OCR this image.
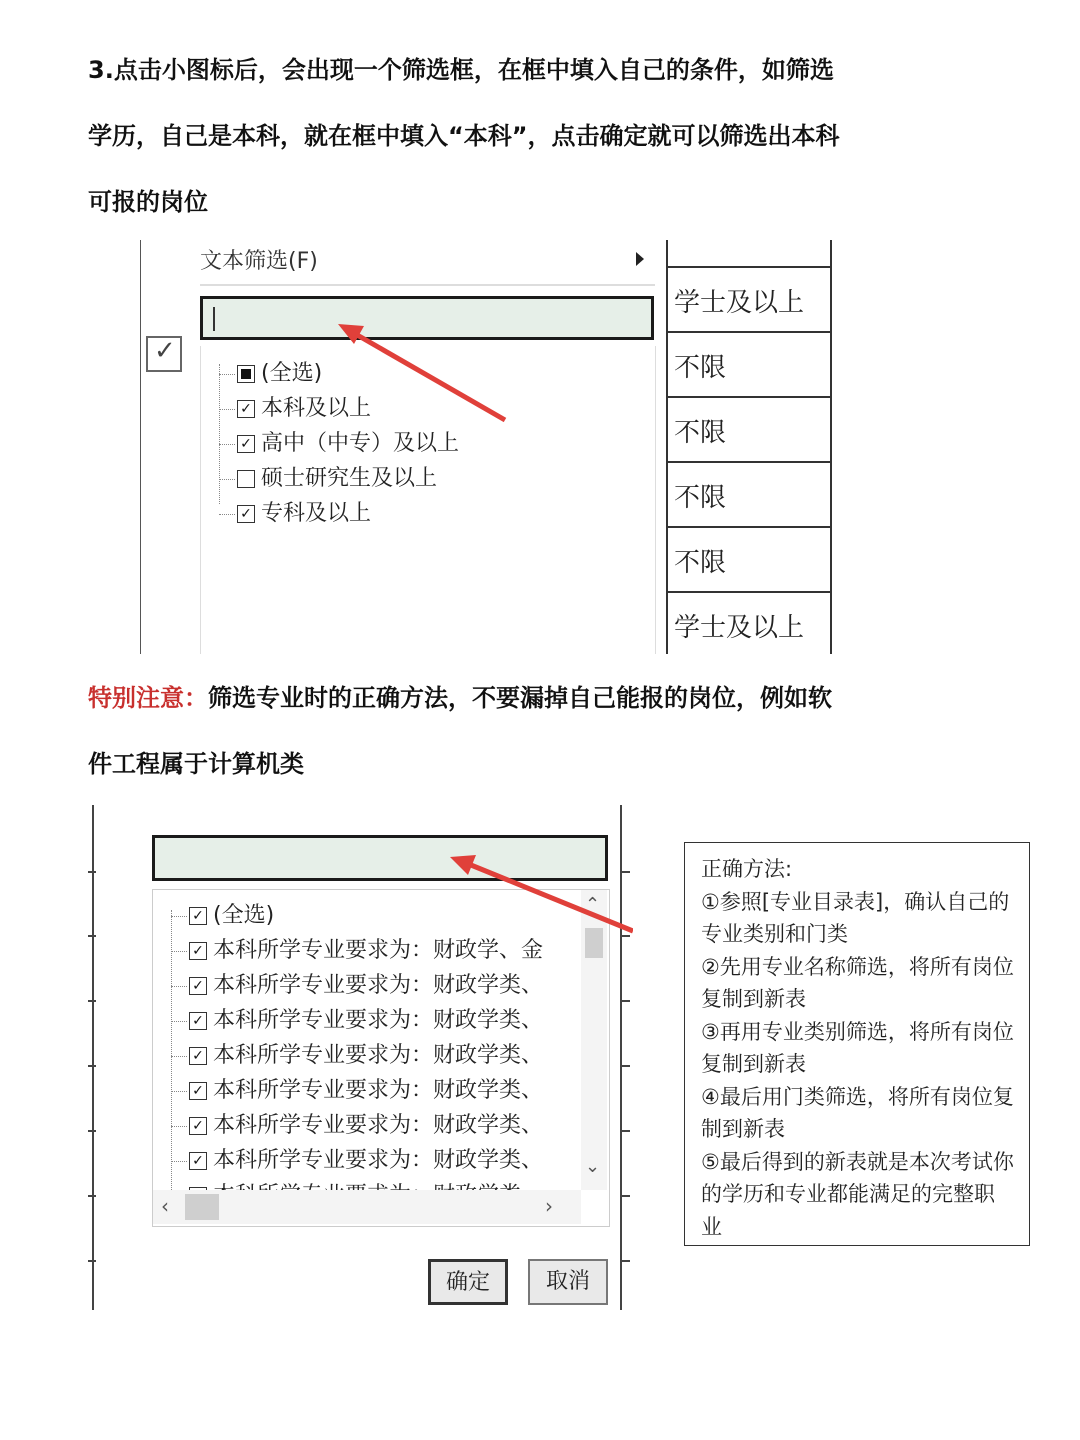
3.点击小图标后，会出现一个筛选框，在框中填入自己的条件，如筛选
学历，自己是本科，就在框中填入“本科”，点击确定就可以筛选出本科
可报的岗位
✓
文本筛选(F)
(全选)
✓ 本科及以上
✓ 高中（中专）及以上
硕士研究生及以上
✓ 专科及以上
学士及以上
不限
不限
不限
不限
学士及以上
特别注意：筛选专业时的正确方法，不要漏掉自己能报的岗位，例如软
件工程属于计算机类
✓ (全选)
✓ 本科所学专业要求为：财政学、金
✓ 本科所学专业要求为：财政学类、
✓ 本科所学专业要求为：财政学类、
✓ 本科所学专业要求为：财政学类、
✓ 本科所学专业要求为：财政学类、
✓ 本科所学专业要求为：财政学类、
✓ 本科所学专业要求为：财政学类、
⌃
⌄
‹	›
确定	取消
正确方法:
①参照[专业目录表]，确认自己的专业类别和门类
②先用专业名称筛选，将所有岗位复制到新表
③再用专业类别筛选，将所有岗位复制到新表
④最后用门类筛选，将所有岗位复制到新表
⑤最后得到的新表就是本次考试你的学历和专业都能满足的完整职业
